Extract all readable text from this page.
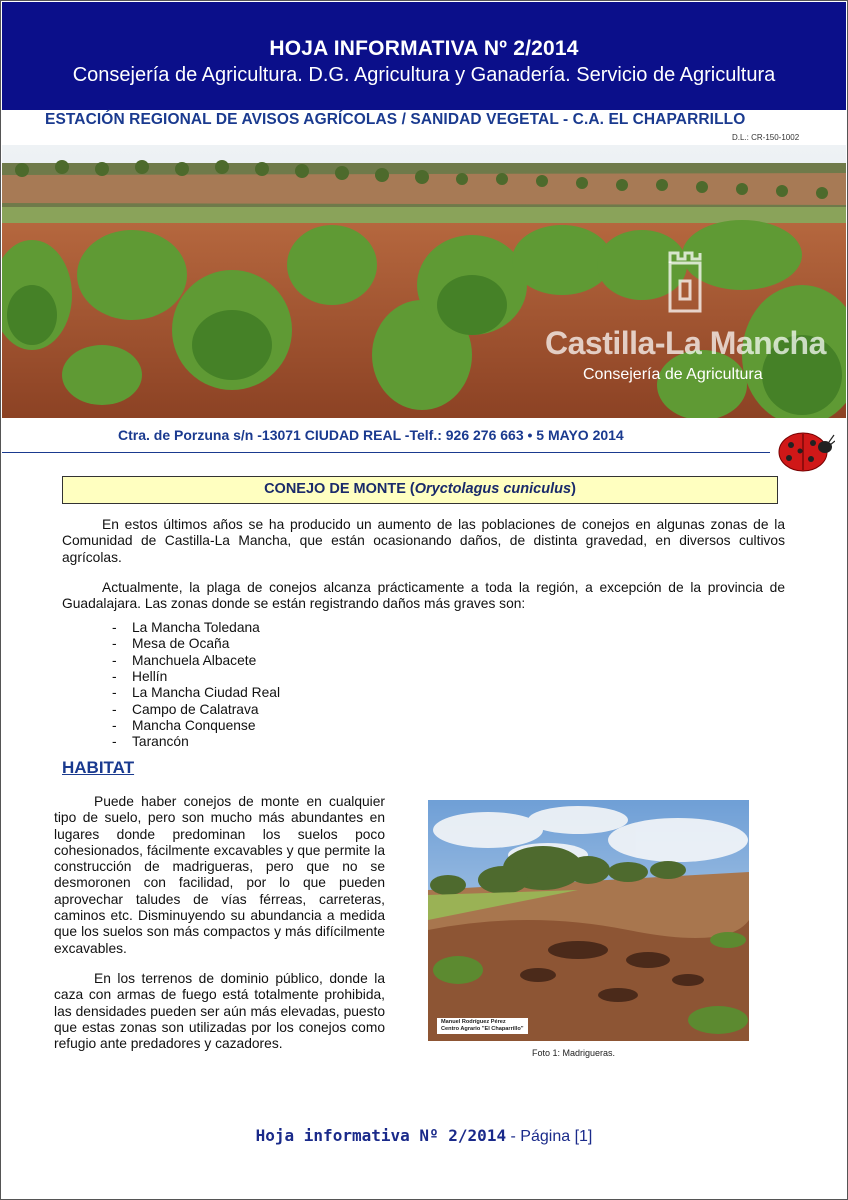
HOJA INFORMATIVA Nº 2/2014
Consejería de Agricultura. D.G. Agricultura y Ganadería. Servicio de Agricultura
ESTACIÓN REGIONAL DE AVISOS AGRÍCOLAS / SANIDAD VEGETAL - C.A. EL CHAPARRILLO
D.L.: CR-150-1002
Castilla-La Mancha
Consejería de Agricultura
Ctra. de Porzuna s/n -13071 CIUDAD REAL -Telf.: 926 276 663 • 5 MAYO 2014
CONEJO DE MONTE (Oryctolagus cuniculus)
En estos últimos años se ha producido un aumento de las poblaciones de conejos en algunas zonas de la Comunidad de Castilla-La Mancha, que están ocasionando daños, de distinta gravedad, en diversos cultivos agrícolas.
Actualmente, la plaga de conejos alcanza prácticamente a toda la región, a excepción de la provincia de Guadalajara. Las zonas donde se están registrando daños más graves son:
- La Mancha Toledana
- Mesa de Ocaña
- Manchuela Albacete
- Hellín
- La Mancha Ciudad Real
- Campo de Calatrava
- Mancha Conquense
- Tarancón
HABITAT
Puede haber conejos de monte en cualquier tipo de suelo, pero son mucho más abundantes en lugares donde predominan los suelos poco cohesionados, fácilmente excavables y que permite la construcción de madrigueras, pero que no se desmoronen con facilidad, por lo que pueden aprovechar taludes de vías férreas, carreteras, caminos etc. Disminuyendo su abundancia a medida que los suelos son más compactos y más difícilmente excavables.
En los terrenos de dominio público, donde la caza con armas de fuego está totalmente prohibida, las densidades pueden ser aún más elevadas, puesto que estas zonas son utilizadas por los conejos como refugio ante predadores y cazadores.
Manuel Rodríguez Pérez
Centro Agrario "El Chaparrillo"
Foto 1: Madrigueras.
Hoja informativa Nº 2/2014 - Página [1]
